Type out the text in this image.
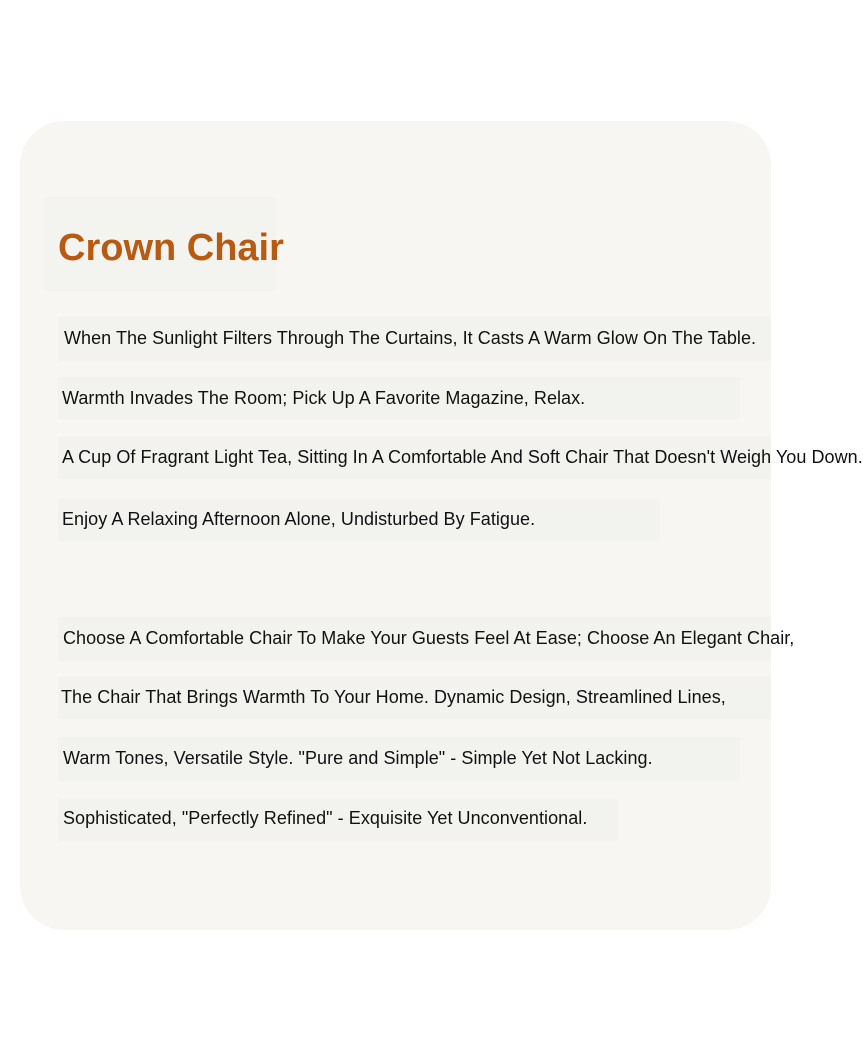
Crown Chair

When The Sunlight Filters Through The Curtains, It Casts A Warm Glow On The Table.

Warmth Invades The Room; Pick Up A Favorite Magazine, Relax.

A Cup Of Fragrant Light Tea, Sitting In A Comfortable And Soft Chair That Doesn't Weigh You Down.

Enjoy A Relaxing Afternoon Alone, Undisturbed By Fatigue.

Choose A Comfortable Chair To Make Your Guests Feel At Ease; Choose An Elegant Chair,

The Chair That Brings Warmth To Your Home. Dynamic Design, Streamlined Lines,

Warm Tones, Versatile Style. "Pure and Simple" - Simple Yet Not Lacking.

Sophisticated, "Perfectly Refined" - Exquisite Yet Unconventional.
